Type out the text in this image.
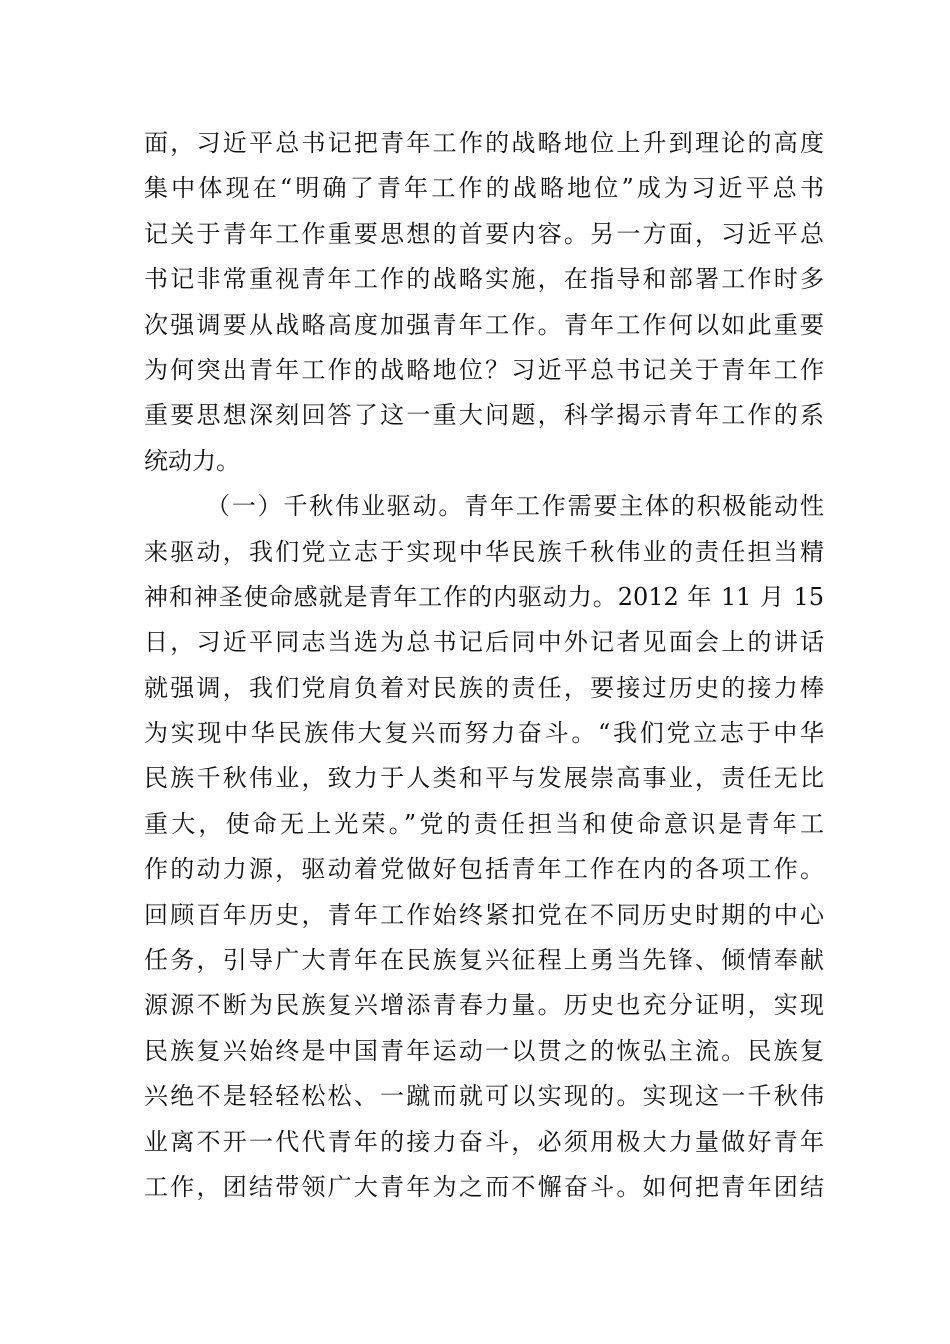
面，习近平总书记把青年工作的战略地位上升到理论的高度
集中体现在“明确了青年工作的战略地位”成为习近平总书
记关于青年工作重要思想的首要内容。另一方面，习近平总
书记非常重视青年工作的战略实施，在指导和部署工作时多
次强调要从战略高度加强青年工作。青年工作何以如此重要
为何突出青年工作的战略地位？习近平总书记关于青年工作
重要思想深刻回答了这一重大问题，科学揭示青年工作的系
统动力。
（一）千秋伟业驱动。青年工作需要主体的积极能动性
来驱动，我们党立志于实现中华民族千秋伟业的责任担当精
神和神圣使命感就是青年工作的内驱动力。2012 年 11 月 15
日，习近平同志当选为总书记后同中外记者见面会上的讲话
就强调，我们党肩负着对民族的责任，要接过历史的接力棒
为实现中华民族伟大复兴而努力奋斗。“我们党立志于中华
民族千秋伟业，致力于人类和平与发展崇高事业，责任无比
重大，使命无上光荣。”党的责任担当和使命意识是青年工
作的动力源，驱动着党做好包括青年工作在内的各项工作。
回顾百年历史，青年工作始终紧扣党在不同历史时期的中心
任务，引导广大青年在民族复兴征程上勇当先锋、倾情奉献
源源不断为民族复兴增添青春力量。历史也充分证明，实现
民族复兴始终是中国青年运动一以贯之的恢弘主流。民族复
兴绝不是轻轻松松、一蹴而就可以实现的。实现这一千秋伟
业离不开一代代青年的接力奋斗，必须用极大力量做好青年
工作，团结带领广大青年为之而不懈奋斗。如何把青年团结
